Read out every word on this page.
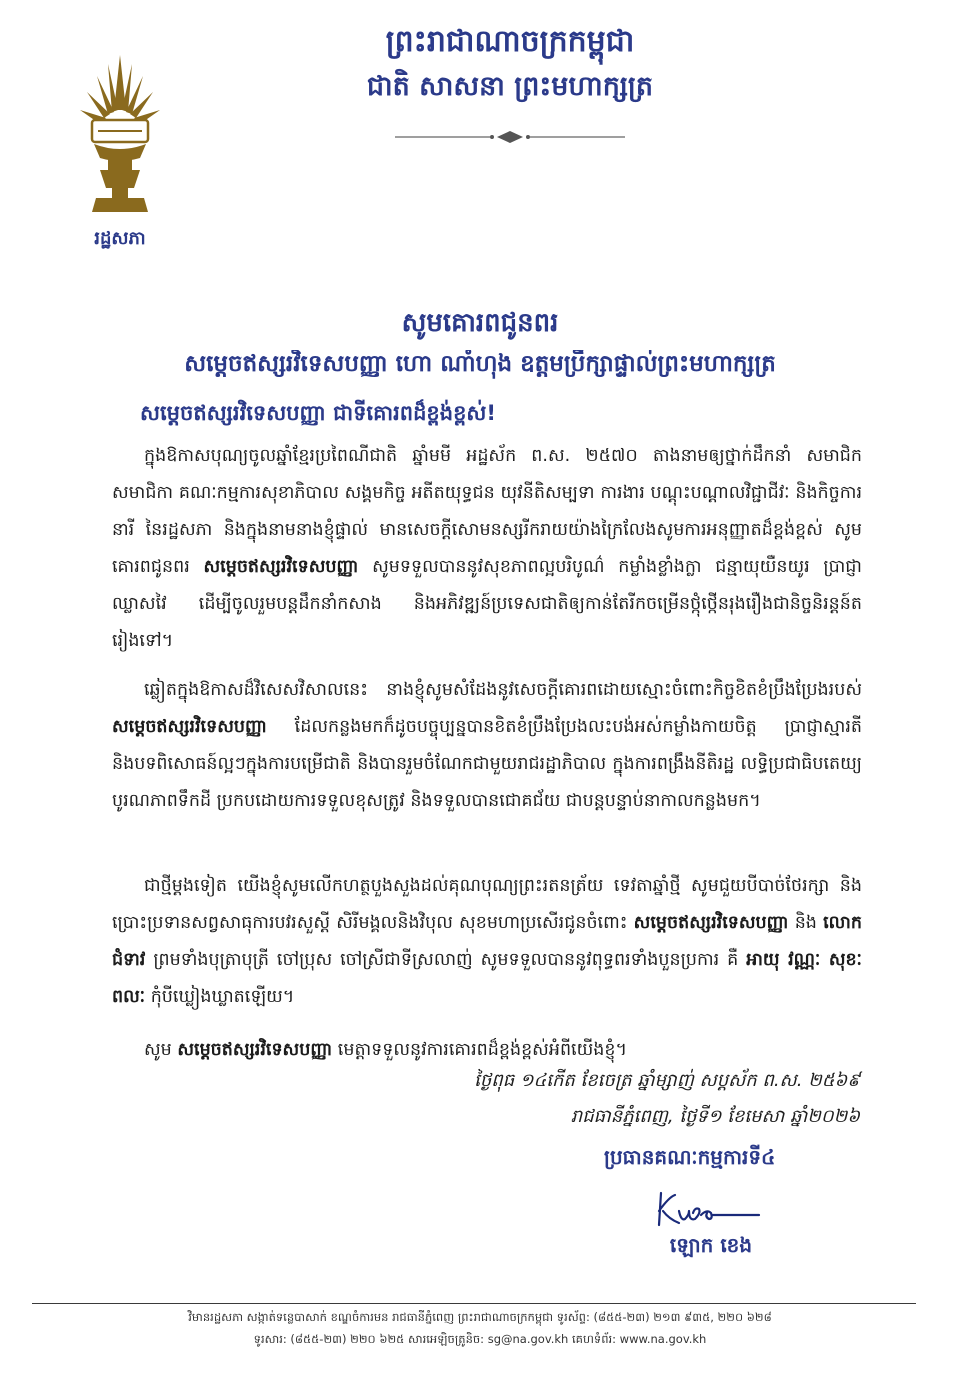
ព្រះរាជាណាចក្រកម្ពុជា
ជាតិ សាសនា ព្រះមហាក្សត្រ
រដ្ឋសភា
សូមគោរពជូនពរ
សម្តេចឥស្សរវិទេសបញ្ញា ហោ ណាំហុង ឧត្តមប្រឹក្សាផ្ទាល់ព្រះមហាក្សត្រ
សម្តេចឥស្សរវិទេសបញ្ញា ជាទីគោរពដ៏ខ្ពង់ខ្ពស់!
ក្នុងឱកាសបុណ្យចូលឆ្នាំខ្មែរប្រពៃណីជាតិ ឆ្នាំមមី អដ្ឋស័ក ព.ស. ២៥៧០ តាងនាមឲ្យថ្នាក់ដឹកនាំ សមាជិក សមាជិកា គណៈកម្មការសុខាភិបាល សង្គមកិច្ច អតីតយុទ្ធជន យុវនីតិសម្បទា ការងារ បណ្តុះបណ្តាលវិជ្ជាជីវៈ និងកិច្ចការនារី នៃរដ្ឋសភា និងក្នុងនាមនាងខ្ញុំផ្ទាល់ មានសេចក្តីសោមនស្សរីករាយយ៉ាងក្រៃលែងសូមការអនុញ្ញាតដ៏ខ្ពង់ខ្ពស់ សូមគោរពជូនពរ សម្តេចឥស្សរវិទេសបញ្ញា សូមទទួលបាននូវសុខភាពល្អបរិបូណ៌ កម្លាំងខ្លាំងក្លា ជន្មាយុយឺនយូរ ប្រាជ្ញាឈ្លាសវៃ ដើម្បីចូលរួមបន្តដឹកនាំកសាង និងអភិវឌ្ឍន៍ប្រទេសជាតិឲ្យកាន់តែរីកចម្រើនថ្កុំថ្កើនរុងរឿងជានិច្ចនិរន្តន៍តរៀងទៅ។
ឆ្លៀតក្នុងឱកាសដ៏វិសេសវិសាលនេះ នាងខ្ញុំសូមសំដែងនូវសេចក្តីគោរពដោយស្មោះចំពោះកិច្ចខិតខំប្រឹងប្រែងរបស់ សម្តេចឥស្សរវិទេសបញ្ញា ដែលកន្លងមកក៏ដូចបច្ចុប្បន្នបានខិតខំប្រឹងប្រែងលះបង់អស់កម្លាំងកាយចិត្ត ប្រាជ្ញាស្មារតី និងបទពិសោធន៍ល្អៗក្នុងការបម្រើជាតិ និងបានរួមចំណែកជាមួយរាជរដ្ឋាភិបាល ក្នុងការពង្រឹងនីតិរដ្ឋ លទ្ធិប្រជាធិបតេយ្យ បូរណភាពទឹកដី ប្រកបដោយការទទួលខុសត្រូវ និងទទួលបានជោគជ័យ ជាបន្តបន្ទាប់នាកាលកន្លងមក។
ជាថ្មីម្តងទៀត យើងខ្ញុំសូមលើកហត្ថបួងសួងដល់គុណបុណ្យព្រះរតនត្រ័យ ទេវតាឆ្នាំថ្មី សូមជួយបីបាច់ថែរក្សា និងប្រោះប្រទានសព្វសាធុការបវរសួស្តី សិរីមង្គលនិងវិបុល សុខមហាប្រសើរជូនចំពោះ សម្តេចឥស្សរវិទេសបញ្ញា និង លោកជំទាវ ព្រមទាំងបុត្រាបុត្រី ចៅប្រុស ចៅស្រីជាទីស្រលាញ់ សូមទទួលបាននូវពុទ្ធពរទាំងបួនប្រការ គឺ អាយុ វណ្ណៈ សុខៈ ពលៈ កុំបីឃ្លៀងឃ្លាតឡើយ។
សូម សម្តេចឥស្សរវិទេសបញ្ញា មេត្តាទទួលនូវការគោរពដ៏ខ្ពង់ខ្ពស់អំពីយើងខ្ញុំ។
ថ្ងៃពុធ ១៤កើត ខែចេត្រ ឆ្នាំម្សាញ់ សប្តស័ក ព.ស. ២៥៦៩
រាជធានីភ្នំពេញ, ថ្ងៃទី១ ខែមេសា ឆ្នាំ២០២៦
ប្រធានគណៈកម្មការទី៤
ឡោក ខេង
វិមានរដ្ឋសភា សង្កាត់ទន្លេបាសាក់ ខណ្ឌចំការមន រាជធានីភ្នំពេញ ព្រះរាជាណាចក្រកម្ពុជា ទូរស័ព្ទ: (៨៥៥-២៣) ២១៣ ៩៣៥, ២២០ ៦២៨
ទូរសារ: (៨៥៥-២៣) ២២០ ៦២៥ សារអេឡិចត្រូនិច: sg@na.gov.kh គេហទំព័រ: www.na.gov.kh
